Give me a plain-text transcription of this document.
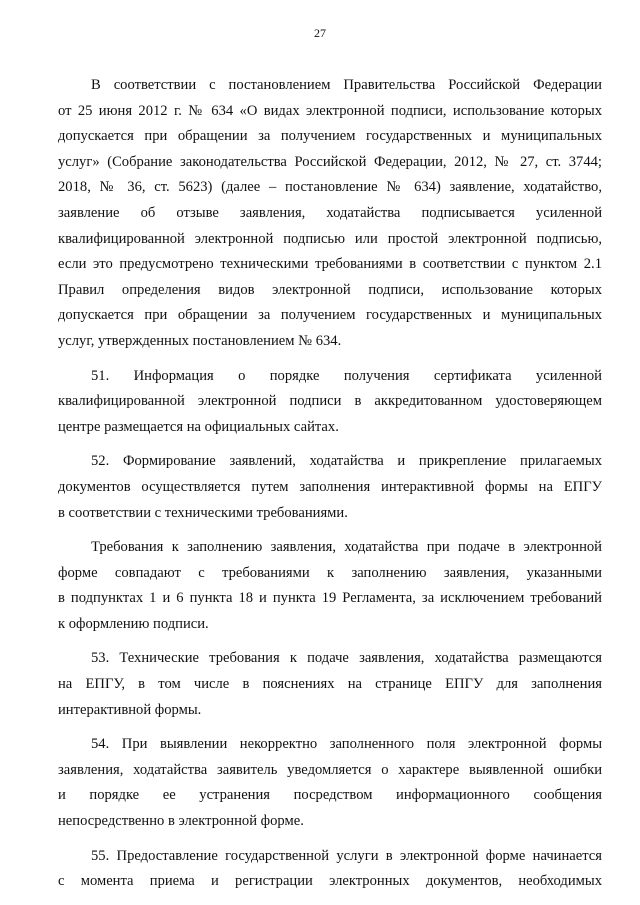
27
В соответствии с постановлением Правительства Российской Федерации
от 25 июня 2012 г. № 634 «О видах электронной подписи, использование которых
допускается при обращении за получением государственных и муниципальных
услуг» (Собрание законодательства Российской Федерации, 2012, № 27, ст. 3744;
2018, № 36, ст. 5623) (далее – постановление № 634) заявление, ходатайство,
заявление об отзыве заявления, ходатайства подписывается усиленной
квалифицированной электронной подписью или простой электронной подписью,
если это предусмотрено техническими требованиями в соответствии с пунктом 2.1
Правил определения видов электронной подписи, использование которых
допускается при обращении за получением государственных и муниципальных
услуг, утвержденных постановлением № 634.
51. Информация о порядке получения сертификата усиленной
квалифицированной электронной подписи в аккредитованном удостоверяющем
центре размещается на официальных сайтах.
52. Формирование заявлений, ходатайства и прикрепление прилагаемых
документов осуществляется путем заполнения интерактивной формы на ЕПГУ
в соответствии с техническими требованиями.
Требования к заполнению заявления, ходатайства при подаче в электронной
форме совпадают с требованиями к заполнению заявления, указанными
в подпунктах 1 и 6 пункта 18 и пункта 19 Регламента, за исключением требований
к оформлению подписи.
53. Технические требования к подаче заявления, ходатайства размещаются
на ЕПГУ, в том числе в пояснениях на странице ЕПГУ для заполнения
интерактивной формы.
54. При выявлении некорректно заполненного поля электронной формы
заявления, ходатайства заявитель уведомляется о характере выявленной ошибки
и порядке ее устранения посредством информационного сообщения
непосредственно в электронной форме.
55. Предоставление государственной услуги в электронной форме начинается
с момента приема и регистрации электронных документов, необходимых
